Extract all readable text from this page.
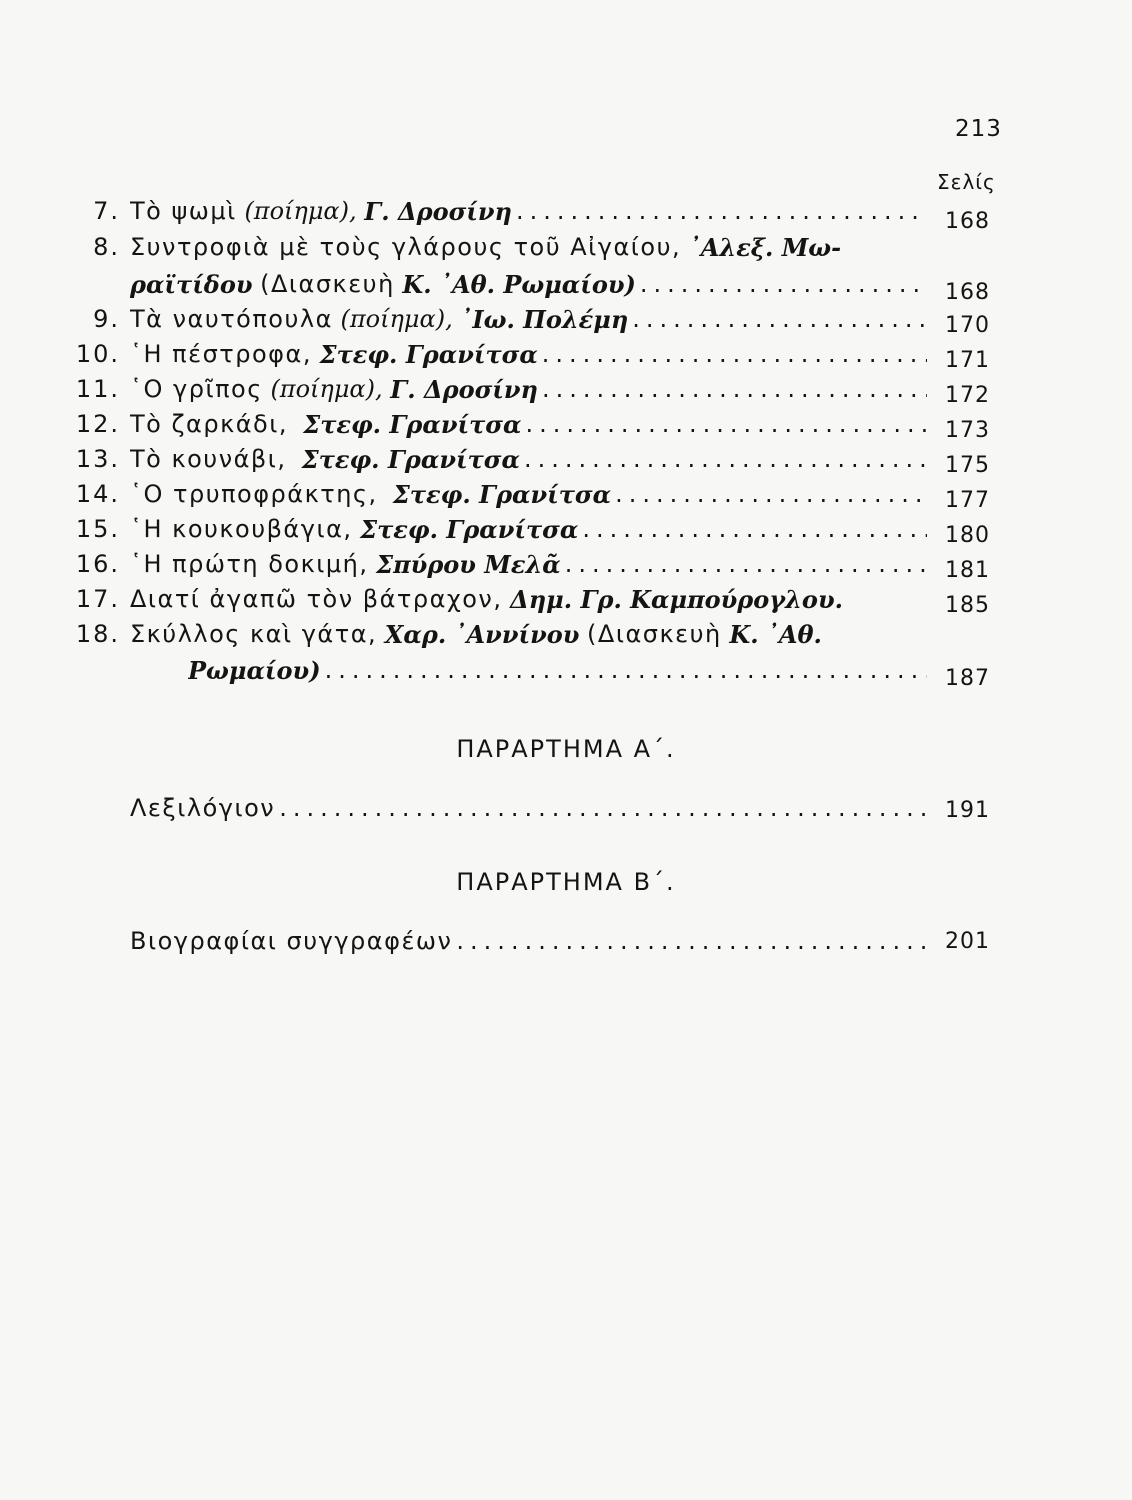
213
Σελίς
7. Τὸ ψωμὶ
(ποίημα),
Γ. Δροσίνη .....	168
8. Συντροφιὰ μὲ τοὺς γλάρους τοῦ Αἰγαίου,
᾿Αλεξ. Μω-
ραϊτίδου
(Διασκευὴ
Κ. ᾿Αθ. Ρωμαίου) .....	168
9. Τὰ ναυτόπουλα
(ποίημα),
᾿Ιω. Πολέμη .....	170
10. ῾Η πέστροφα,
Στεφ. Γρανίτσα .....	171
11. ῾Ο γρῖπος
(ποίημα),
Γ. Δροσίνη .....	172
12. Τὸ ζαρκάδι,
Στεφ. Γρανίτσα .....	173
13. Τὸ κουνάβι,
Στεφ. Γρανίτσα .....	175
14. ῾Ο τρυποφράκτης,
Στεφ. Γρανίτσα .....	177
15. ῾Η κουκουβάγια,
Στεφ. Γρανίτσα .....	180
16. ῾Η πρώτη δοκιμή,
Σπύρου Μελᾶ .....	181
17. Διατί ἀγαπῶ τὸν βάτραχον,
Δημ. Γρ. Καμπούρογλου.	185
18. Σκύλλος καὶ γάτα,
Χαρ. ᾿Αννίνου
(Διασκευὴ
Κ. ᾿Αθ.
Ρωμαίου) .....	187
ΠΑΡΑΡΤΗΜΑ Α΄.
Λεξιλόγιον .....	191
ΠΑΡΑΡΤΗΜΑ Β΄.
Βιογραφίαι συγγραφέων .....	201
